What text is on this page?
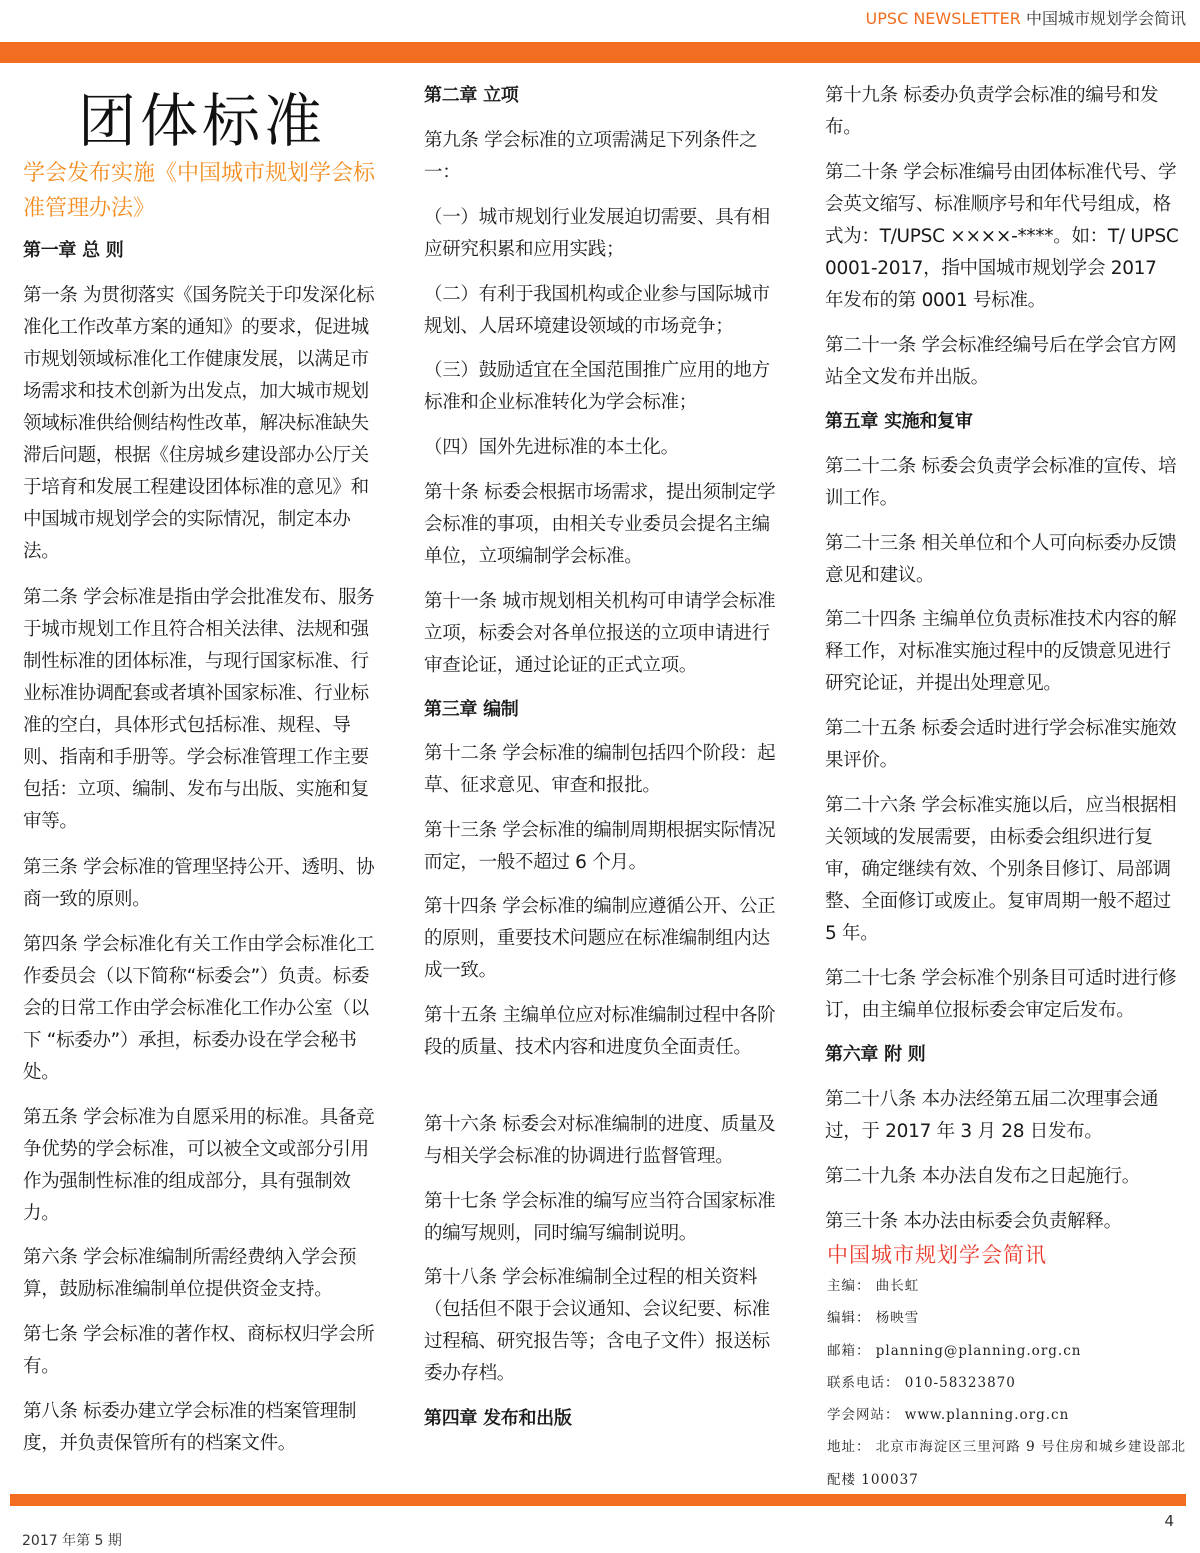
UPSC NEWSLETTER 中国城市规划学会简讯
团体标准
学会发布实施《中国城市规划学会标准管理办法》

第一章 总 则

第一条 为贯彻落实《国务院关于印发深化标准化工作改革方案的通知》的要求，促进城市规划领域标准化工作健康发展，以满足市场需求和技术创新为出发点，加大城市规划领域标准供给侧结构性改革，解决标准缺失滞后问题，根据《住房城乡建设部办公厅关于培育和发展工程建设团体标准的意见》和中国城市规划学会的实际情况，制定本办法。

第二条 学会标准是指由学会批准发布、服务于城市规划工作且符合相关法律、法规和强制性标准的团体标准，与现行国家标准、行业标准协调配套或者填补国家标准、行业标准的空白，具体形式包括标准、规程、导则、指南和手册等。学会标准管理工作主要包括：立项、编制、发布与出版、实施和复审等。

第三条 学会标准的管理坚持公开、透明、协商一致的原则。

第四条 学会标准化有关工作由学会标准化工作委员会（以下简称“标委会”）负责。标委会的日常工作由学会标准化工作办公室（以下 “标委办”）承担，标委办设在学会秘书处。

第五条 学会标准为自愿采用的标准。具备竞争优势的学会标准，可以被全文或部分引用作为强制性标准的组成部分，具有强制效力。

第六条 学会标准编制所需经费纳入学会预算，鼓励标准编制单位提供资金支持。

第七条 学会标准的著作权、商标权归学会所有。

第八条 标委办建立学会标准的档案管理制度，并负责保管所有的档案文件。

第二章 立项

第九条 学会标准的立项需满足下列条件之一：

（一）城市规划行业发展迫切需要、具有相应研究积累和应用实践；

（二）有利于我国机构或企业参与国际城市规划、人居环境建设领域的市场竞争；

（三）鼓励适宜在全国范围推广应用的地方标准和企业标准转化为学会标准；

（四）国外先进标准的本土化。

第十条 标委会根据市场需求，提出须制定学会标准的事项，由相关专业委员会提名主编单位，立项编制学会标准。

第十一条 城市规划相关机构可申请学会标准立项，标委会对各单位报送的立项申请进行审查论证，通过论证的正式立项。

第三章 编制

第十二条 学会标准的编制包括四个阶段：起草、征求意见、审查和报批。

第十三条 学会标准的编制周期根据实际情况而定，一般不超过 6 个月。

第十四条 学会标准的编制应遵循公开、公正的原则，重要技术问题应在标准编制组内达成一致。

第十五条 主编单位应对标准编制过程中各阶段的质量、技术内容和进度负全面责任。

第十六条 标委会对标准编制的进度、质量及与相关学会标准的协调进行监督管理。

第十七条 学会标准的编写应当符合国家标准的编写规则，同时编写编制说明。

第十八条 学会标准编制全过程的相关资料（包括但不限于会议通知、会议纪要、标准过程稿、研究报告等；含电子文件）报送标委办存档。

第四章 发布和出版

第十九条 标委办负责学会标准的编号和发布。

第二十条 学会标准编号由团体标准代号、学会英文缩写、标准顺序号和年代号组成，格式为：T/UPSC ××××-****。如：T/ UPSC 0001-2017，指中国城市规划学会 2017 年发布的第 0001 号标准。

第二十一条 学会标准经编号后在学会官方网站全文发布并出版。

第五章 实施和复审

第二十二条 标委会负责学会标准的宣传、培训工作。

第二十三条 相关单位和个人可向标委办反馈意见和建议。

第二十四条 主编单位负责标准技术内容的解释工作，对标准实施过程中的反馈意见进行研究论证，并提出处理意见。

第二十五条 标委会适时进行学会标准实施效果评价。

第二十六条 学会标准实施以后，应当根据相关领域的发展需要，由标委会组织进行复审，确定继续有效、个别条目修订、局部调整、全面修订或废止。复审周期一般不超过 5 年。

第二十七条 学会标准个别条目可适时进行修订，由主编单位报标委会审定后发布。

第六章 附 则

第二十八条 本办法经第五届二次理事会通过，于 2017 年 3 月 28 日发布。

第二十九条 本办法自发布之日起施行。

第三十条 本办法由标委会负责解释。

中国城市规划学会简讯
主编： 曲长虹
编辑： 杨映雪
邮箱： planning@planning.org.cn
联系电话： 010-58323870
学会网站： www.planning.org.cn
地址： 北京市海淀区三里河路 9 号住房和城乡建设部北配楼 100037
4
2017 年第 5 期
